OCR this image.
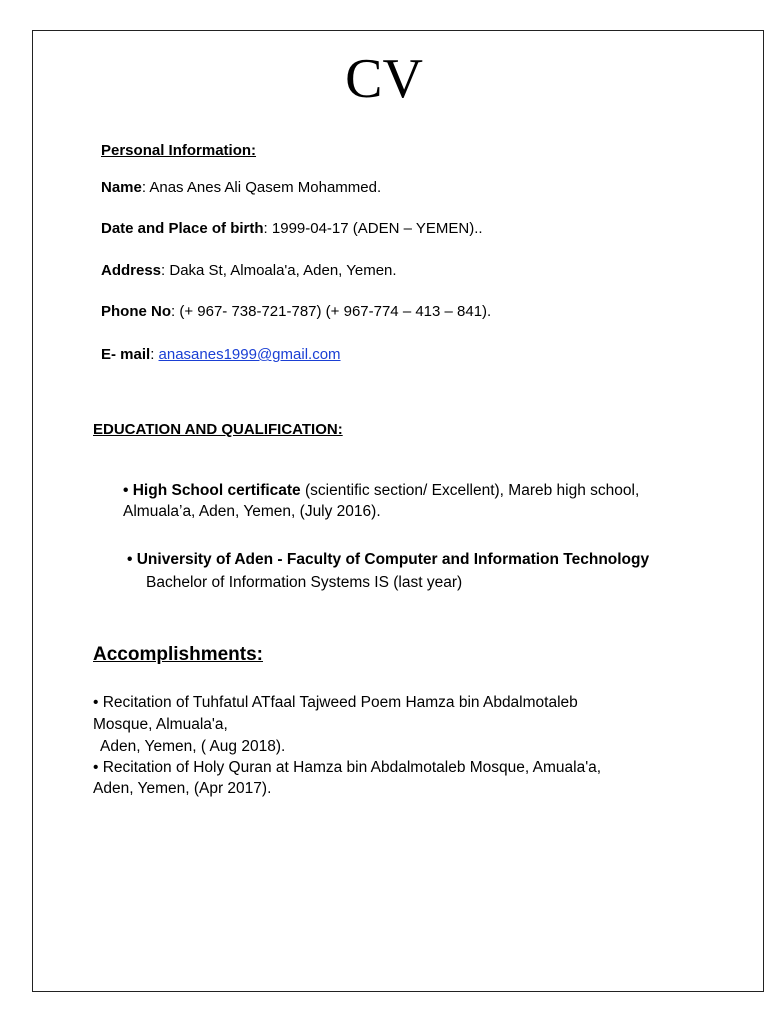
CV
Personal Information:
Name: Anas Anes Ali Qasem Mohammed.
Date and Place of birth: 1999-04-17 (ADEN – YEMEN)..
Address: Daka St, Almoala'a, Aden, Yemen.
Phone No: (+ 967- 738-721-787) (+ 967-774 – 413 – 841).
E- mail: anasanes1999@gmail.com
EDUCATION AND QUALIFICATION:
• High School certificate (scientific section/ Excellent), Mareb high school,
Almuala’a, Aden, Yemen, (July 2016).
• University of Aden - Faculty of Computer and Information Technology
Bachelor of Information Systems IS (last year)
Accomplishments:
• Recitation of Tuhfatul ATfaal Tajweed Poem Hamza bin Abdalmotaleb
Mosque, Almuala'a,
Aden, Yemen, ( Aug 2018).
• Recitation of Holy Quran at Hamza bin Abdalmotaleb Mosque, Amuala'a,
Aden, Yemen, (Apr 2017).
